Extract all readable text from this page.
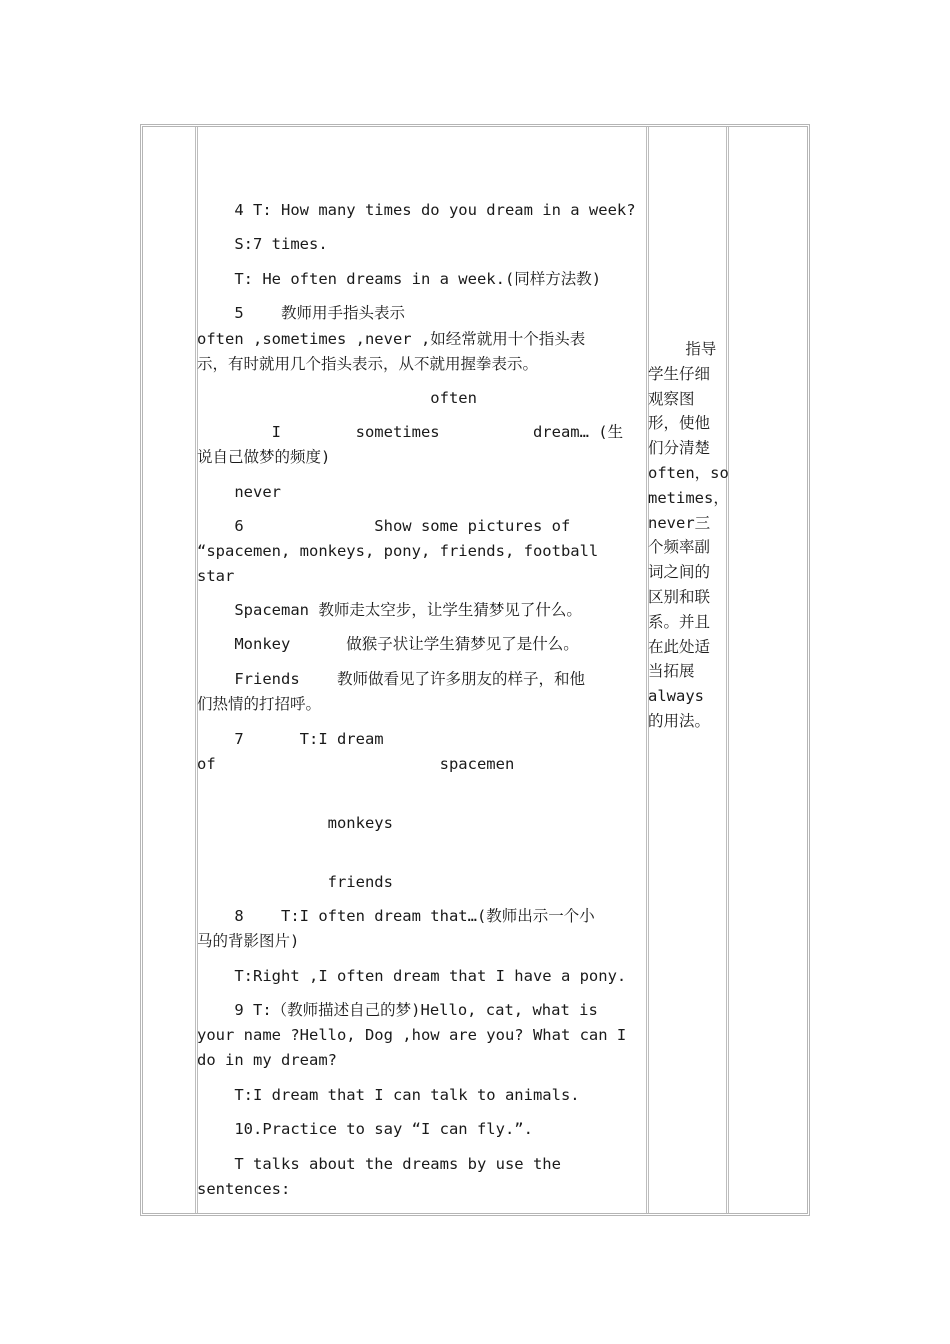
4 T: How many times do you dream in a week?
S:7 times.
T: He often dreams in a week.(同样方法教)
5    教师用手指头表示
often ,sometimes ,never ,如经常就用十个指头表
示，有时就用几个指头表示，从不就用握拳表示。
often
I        sometimes          dream… (生
说自己做梦的频度)
never
6              Show some pictures of
“spacemen, monkeys, pony, friends, football
star
Spaceman 教师走太空步，让学生猜梦见了什么。
Monkey      做猴子状让学生猜梦见了是什么。
Friends    教师做看见了许多朋友的样子，和他
们热情的打招呼。
7      T:I dream
of                        spacemen
monkeys
friends
8    T:I often dream that…(教师出示一个小
马的背影图片)
T:Right ,I often dream that I have a pony.
9 T:（教师描述自己的梦)Hello, cat, what is
your name ?Hello, Dog ,how are you? What can I
do in my dream?
T:I dream that I can talk to animals.
10.Practice to say “I can fly.”.
T talks about the dreams by use the
sentences:
指导
学生仔细
观察图
形，使他
们分清楚
often，so
metimes，
never三
个频率副
词之间的
区别和联
系。并且
在此处适
当拓展
always
的用法。
